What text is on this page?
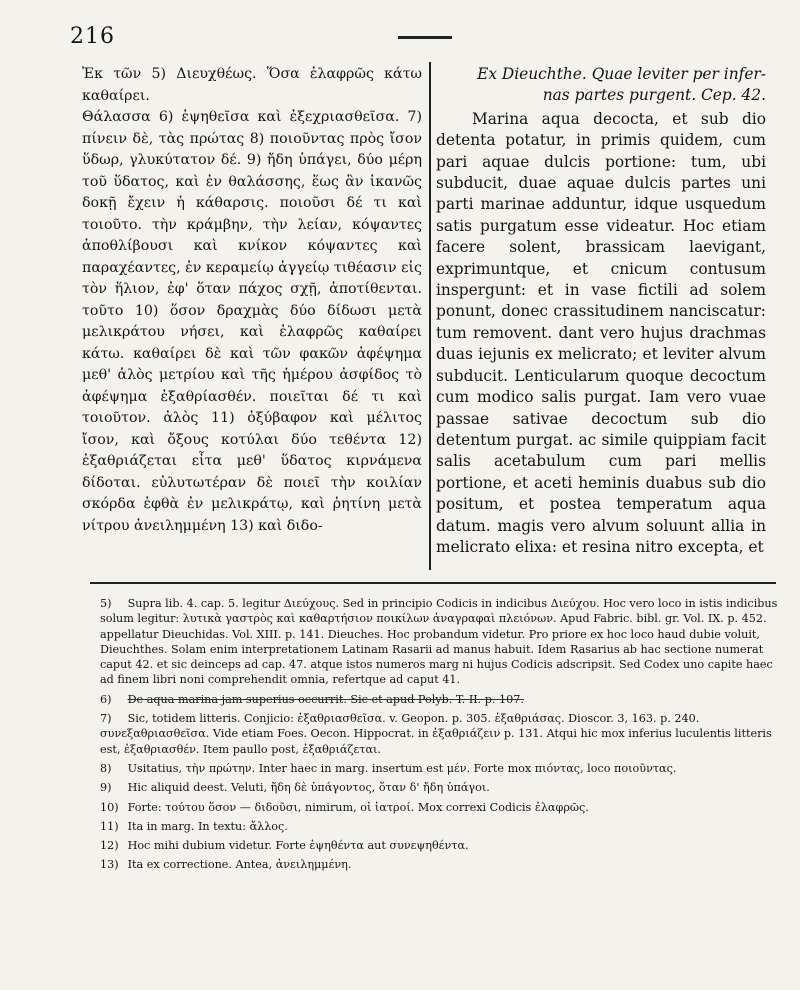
216

Ἐκ τῶν 5) Διευχθέως. Ὅσα ἐλαφρῶς κάτω καθαίρει.

Θάλασσα 6) ἑψηθεῖσα καὶ ἐξεχριασθεῖσα. 7) πίνειν δὲ, τὰς πρώτας 8) ποιοῦντας πρὸς ἴσον ὕδωρ, γλυκύτατον δέ. 9) ἤδη ὑπάγει, δύο μέρη τοῦ ὕδατος, καὶ ἐν θαλάσσης, ἕως ἂν ἱκανῶς δοκῇ ἔχειν ἡ κάθαρσις. ποιοῦσι δέ τι καὶ τοιοῦτο. τὴν κράμβην, τὴν λείαν, κόψαντες ἀποθλίβουσι καὶ κνίκον κόψαντες καὶ παραχέαντες, ἐν κεραμείῳ ἀγγείῳ τιθέασιν εἰς τὸν ἥλιον, ἐφ' ὅταν πάχος σχῇ, ἀποτίθενται. τοῦτο 10) ὅσον δραχμὰς δύο δίδωσι μετὰ μελικράτου νήσει, καὶ ἐλαφρῶς καθαίρει κάτω. καθαίρει δὲ καὶ τῶν φακῶν ἀφέψημα μεθ' ἁλὸς μετρίου καὶ τῆς ἡμέρου ἀσφίδος τὸ ἀφέψημα ἐξαθρίασθέν. ποιεῖται δέ τι καὶ τοιοῦτον. ἀλὸς 11) ὀξύβαφον καὶ μέλιτος ἴσον, καὶ ὄξους κοτύλαι δύο τεθέντα 12) ἐξαθριάζεται εἶτα μεθ' ὕδατος κιρνάμενα δίδοται. εὐλυτωτέραν δὲ ποιεῖ τὴν κοιλίαν σκόρδα ἑφθὰ ἐν μελικράτῳ, καὶ ῥητίνη μετὰ νίτρου ἀνειλημμένη 13) καὶ διδο-

Ex Dieuchthe. Quae leviter per infer-
nas partes purgent. Cep. 42.

Marina aqua decocta, et sub dio detenta potatur, in primis quidem, cum pari aquae dulcis portione: tum, ubi subducit, duae aquae dulcis partes uni parti marinae adduntur, idque usquedum satis purgatum esse videatur. Hoc etiam facere solent, brassicam laevigant, exprimuntque, et cnicum contusum inspergunt: et in vase fictili ad solem ponunt, donec crassitudinem nanciscatur: tum removent. dant vero hujus drachmas duas iejunis ex melicrato; et leviter alvum subducit. Lenticularum quoque decoctum cum modico salis purgat. Iam vero vuae passae sativae decoctum sub dio detentum purgat. ac simile quippiam facit salis acetabulum cum pari mellis portione, et aceti heminis duabus sub dio positum, et postea temperatum aqua datum. magis vero alvum soluunt allia in melicrato elixa: et resina nitro excepta, et

5) Supra lib. 4. cap. 5. legitur Διεύχους. Sed in principio Codicis in indicibus Διεύχου. Hoc vero loco in istis indicibus solum legitur: λυτικὰ γαστρὸς καὶ καθαρτήσιον ποικίλων ἀναγραφαὶ πλειόνων. Apud Fabric. bibl. gr. Vol. IX. p. 452. appellatur Dieuchidas. Vol. XIII. p. 141. Dieuches. Hoc probandum videtur. Pro priore ex hoc loco haud dubie voluit, Dieuchthes. Solam enim interpretationem Latinam Rasarii ad manus habuit. Idem Rasarius ab hac sectione numerat caput 42. et sic deinceps ad cap. 47. atque istos numeros marg ni hujus Codicis adscripsit. Sed Codex uno capite haec ad finem libri noni comprehendit omnia, refertque ad caput 41.

6) De aqua marina jam superius occurrit. Sic et apud Polyb. T. II. p. 107.

7) Sic, totidem litteris. Conjicio: ἐξαθριασθεῖσα. v. Geopon. p. 305. ἐξαθριάσας. Dioscor. 3, 163. p. 240. συνεξαθριασθεῖσα. Vide etiam Foes. Oecon. Hippocrat. in ἐξαθριάζειν p. 131. Atqui hic mox inferius luculentis litteris est, ἐξαθριασθέν. Item paullo post, ἐξαθριάζεται.

8) Usitatius, τὴν πρώτην. Inter haec in marg. insertum est μέν. Forte mox πιόντας, loco ποιοῦντας.

9) Hic aliquid deest. Veluti, ἤδη δὲ ὑπάγοντος, ὅταν δ' ἤδη ὑπάγοι.

10) Forte: τούτου ὅσον — διδοῦσι, nimirum, οἱ ἰατροί. Mox correxi Codicis ἐλαφρῶς.

11) Ita in marg. In textu: ἄλλος.

12) Hoc mihi dubium videtur. Forte ἑψηθέντα aut συνεψηθέντα.

13) Ita ex correctione. Antea, ἀνειλημμένη.
